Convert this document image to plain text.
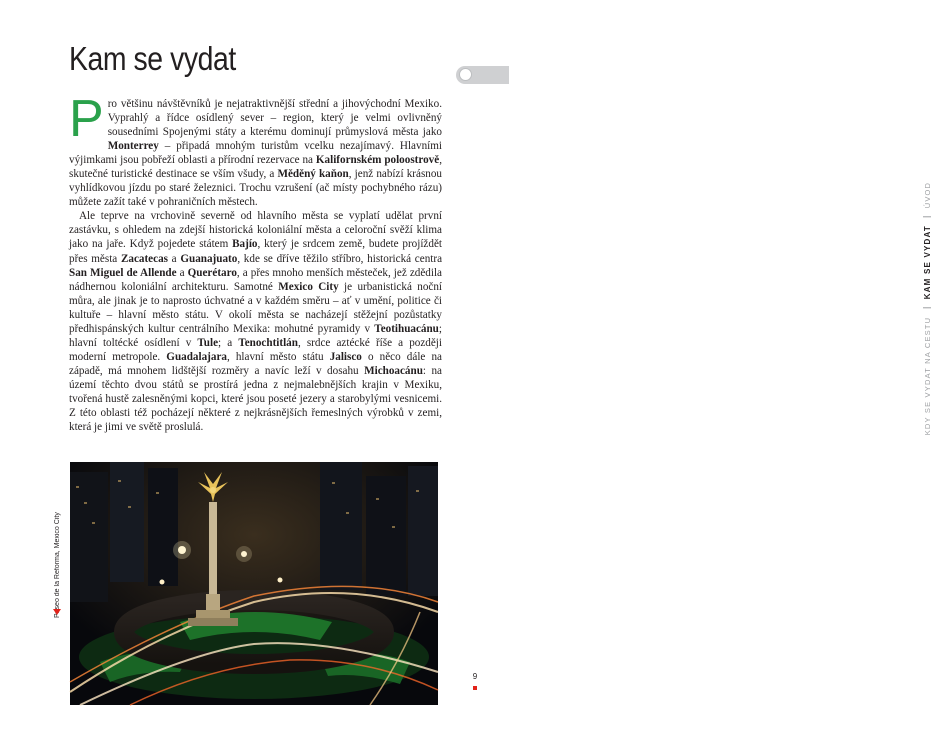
Kam se vydat
KDY SE VYDAT NA CESTU
KAM SE VYDAT
ÚVOD

Pro většinu návštěvníků je nejatraktivnější střední a jihovýchodní Mexiko. Vyprahlý a řídce osídlený sever – region, který je velmi ovlivněný sousedními Spojenými státy a kterému dominují průmyslová města jako Monterrey – připadá mnohým turistům vcelku nezajímavý. Hlavními výjimkami jsou pobřeží oblasti a přírodní rezervace na Kalifornském poloostrově, skutečné turistické destinace se vším všudy, a Měděný kaňon, jenž nabízí krásnou vyhlídkovou jízdu po staré železnici. Trochu vzrušení (ač místy pochybného rázu) můžete zažít také v pohraničních městech.

Ale teprve na vrchovině severně od hlavního města se vyplatí udělat první zastávku, s ohledem na zdejší historická koloniální města a celoroční svěží klima jako na jaře. Když pojedete státem Bajío, který je srdcem země, budete projíždět přes města Zacatecas a Guanajuato, kde se dříve těžilo stříbro, historická centra San Miguel de Allende a Querétaro, a přes mnoho menších městeček, jež zdědila nádhernou koloniální architekturu. Samotné Mexico City je urbanistická noční můra, ale jinak je to naprosto úchvatné a v každém směru – ať v umění, politice či kultuře – hlavní město státu. V okolí města se nacházejí stěžejní pozůstatky předhispánských kultur centrálního Mexika: mohutné pyramidy v Teotihuacánu; hlavní toltécké osídlení v Tule; a Tenochtitlán, srdce aztécké říše a později moderní metropole. Guadalajara, hlavní město státu Jalisco o něco dále na západě, má mnohem lidštější rozměry a navíc leží v dosahu Michoacánu: na území těchto dvou států se prostírá jedna z nejmalebnějších krajin v Mexiku, tvořená hustě zalesněnými kopci, které jsou poseté jezery a starobylými vesnicemi. Z této oblasti též pocházejí některé z nejkrásnějších řemeslných výrobků v zemi, která je jimi ve světě proslulá.

Paseo de la Reforma, Mexico City
9
